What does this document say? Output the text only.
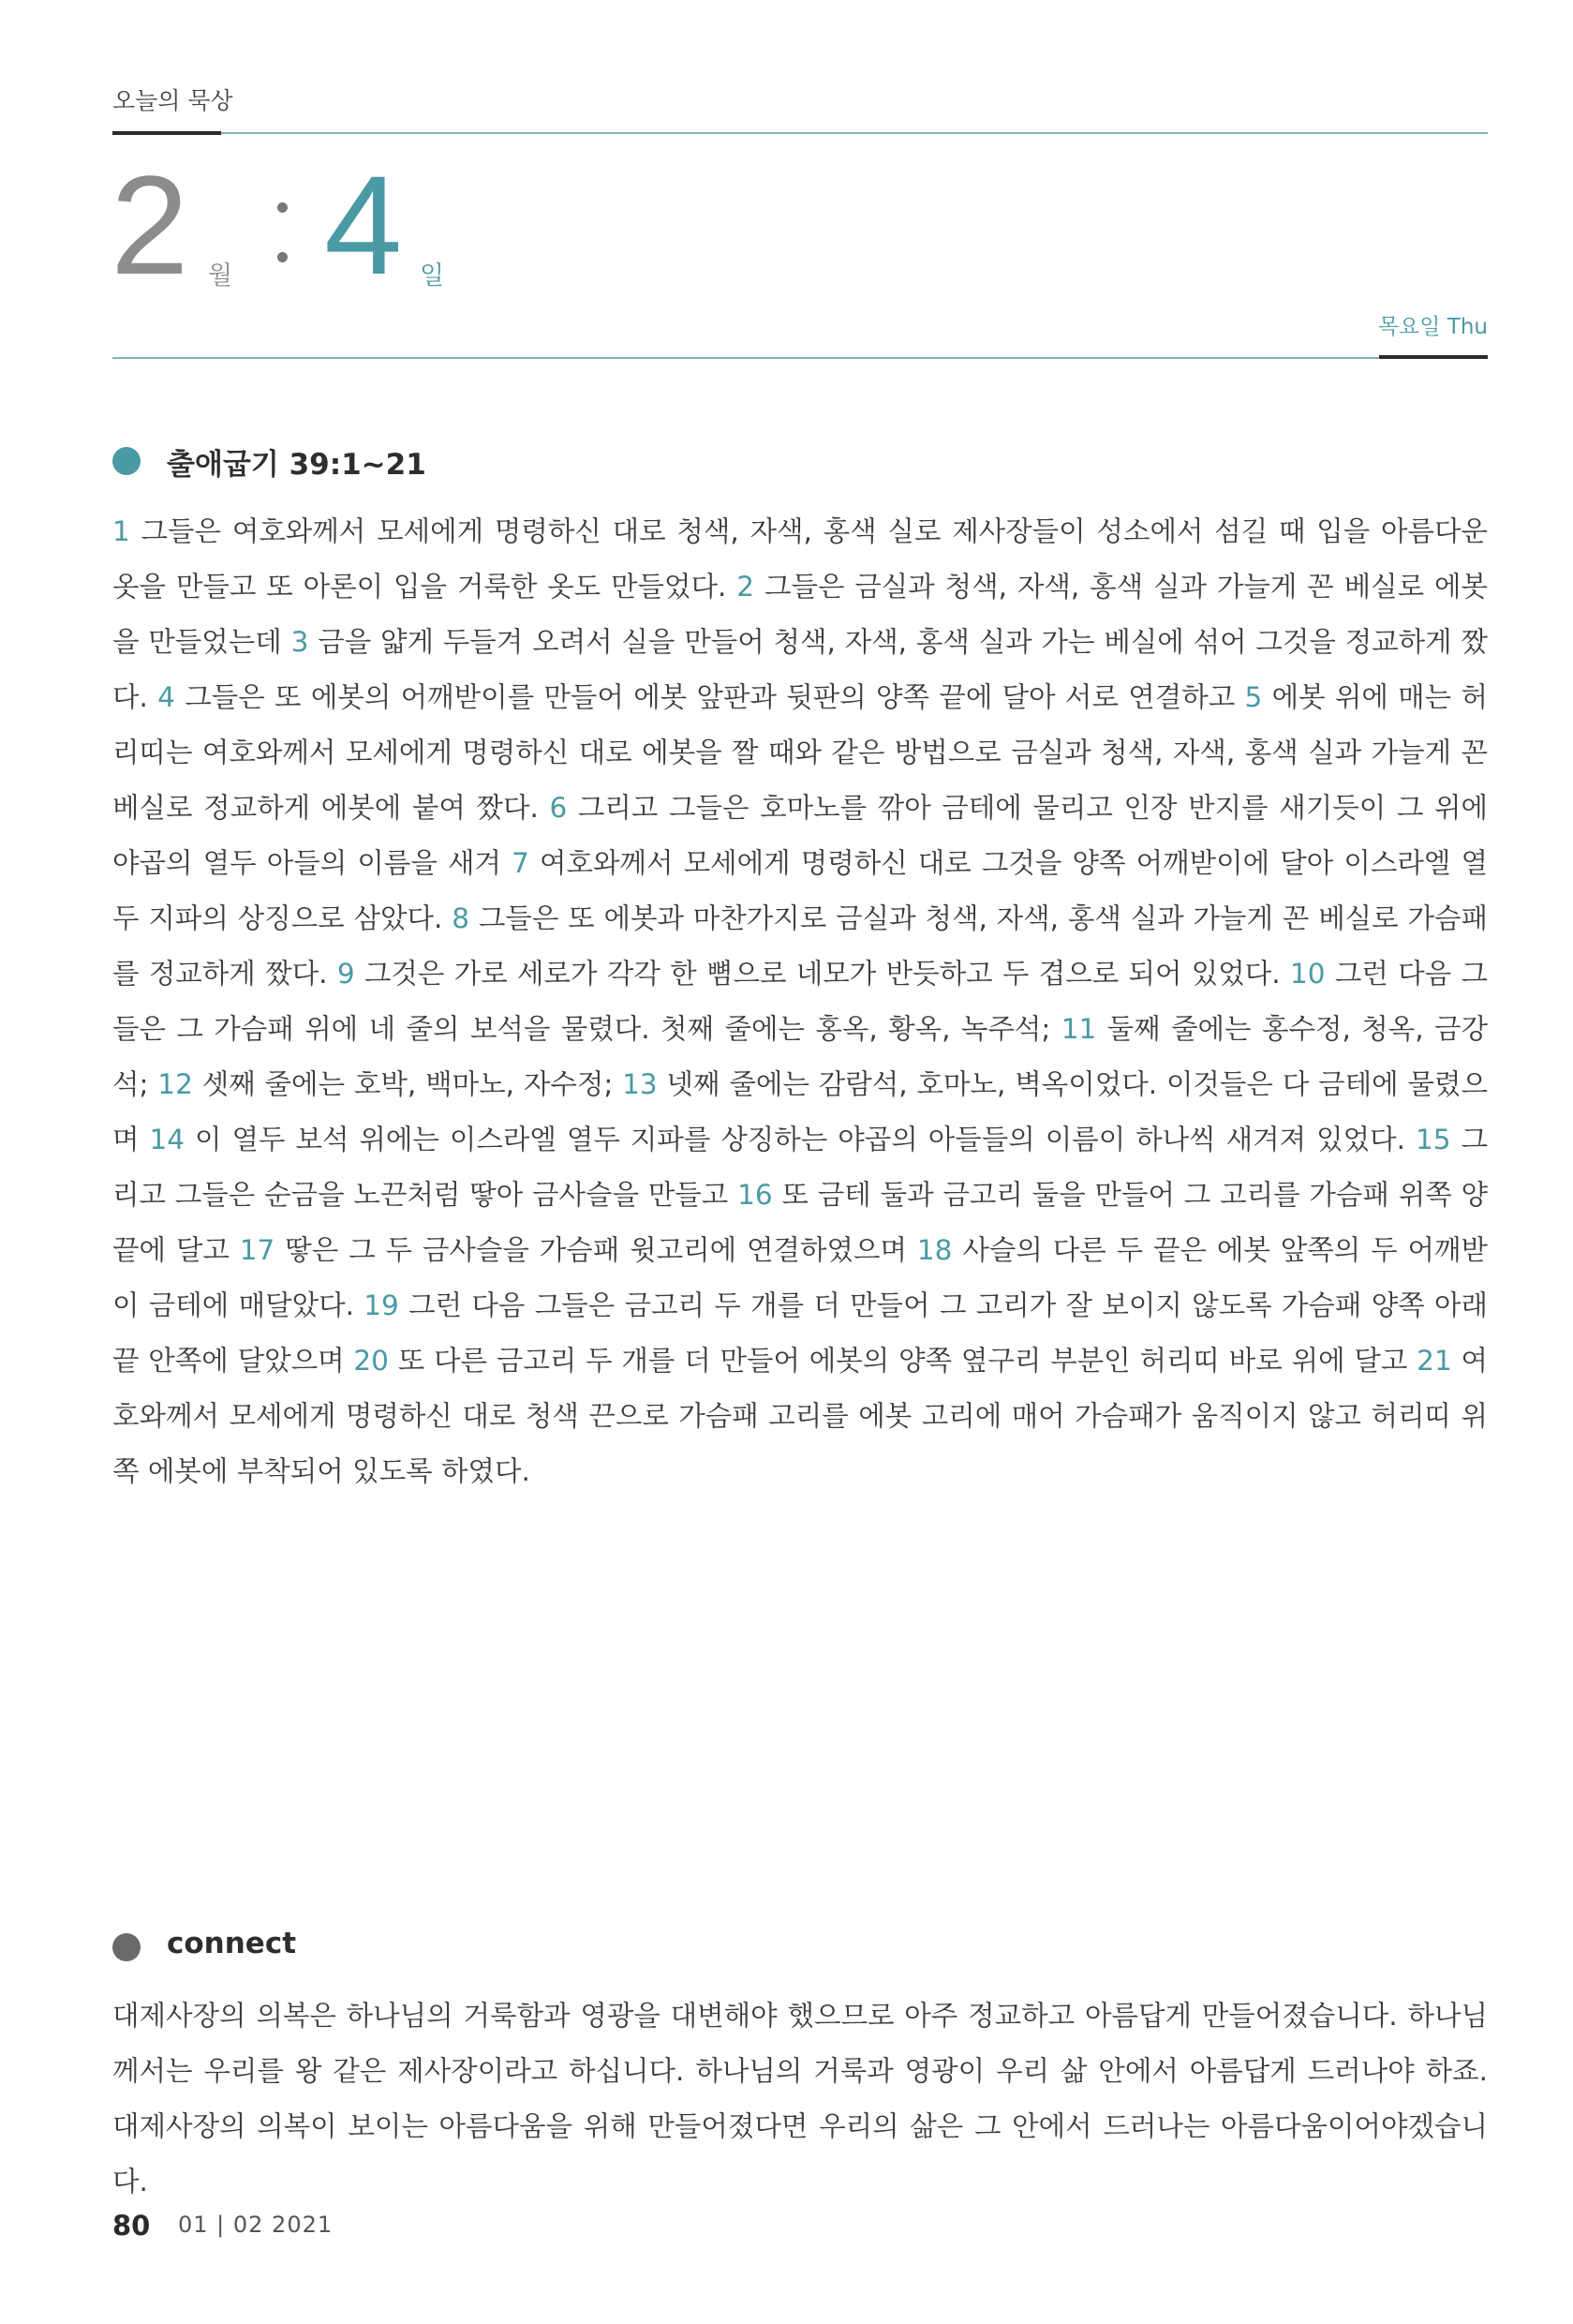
오늘의 묵상
2 월 4 일
목요일 Thu
출애굽기 39:1~21
1 그들은 여호와께서 모세에게 명령하신 대로 청색, 자색, 홍색 실로 제사장들이 성소에서 섬길 때 입을 아름다운 옷을 만들고 또 아론이 입을 거룩한 옷도 만들었다. 2 그들은 금실과 청색, 자색, 홍색 실과 가늘게 꼰 베실로 에봇을 만들었는데 3 금을 얇게 두들겨 오려서 실을 만들어 청색, 자색, 홍색 실과 가는 베실에 섞어 그것을 정교하게 짰다. 4 그들은 또 에봇의 어깨받이를 만들어 에봇 앞판과 뒷판의 양쪽 끝에 달아 서로 연결하고 5 에봇 위에 매는 허리띠는 여호와께서 모세에게 명령하신 대로 에봇을 짤 때와 같은 방법으로 금실과 청색, 자색, 홍색 실과 가늘게 꼰 베실로 정교하게 에봇에 붙여 짰다. 6 그리고 그들은 호마노를 깎아 금테에 물리고 인장 반지를 새기듯이 그 위에 야곱의 열두 아들의 이름을 새겨 7 여호와께서 모세에게 명령하신 대로 그것을 양쪽 어깨받이에 달아 이스라엘 열두 지파의 상징으로 삼았다. 8 그들은 또 에봇과 마찬가지로 금실과 청색, 자색, 홍색 실과 가늘게 꼰 베실로 가슴패를 정교하게 짰다. 9 그것은 가로 세로가 각각 한 뼘으로 네모가 반듯하고 두 겹으로 되어 있었다. 10 그런 다음 그들은 그 가슴패 위에 네 줄의 보석을 물렸다. 첫째 줄에는 홍옥, 황옥, 녹주석; 11 둘째 줄에는 홍수정, 청옥, 금강석; 12 셋째 줄에는 호박, 백마노, 자수정; 13 넷째 줄에는 감람석, 호마노, 벽옥이었다. 이것들은 다 금테에 물렸으며 14 이 열두 보석 위에는 이스라엘 열두 지파를 상징하는 야곱의 아들들의 이름이 하나씩 새겨져 있었다. 15 그리고 그들은 순금을 노끈처럼 땋아 금사슬을 만들고 16 또 금테 둘과 금고리 둘을 만들어 그 고리를 가슴패 위쪽 양끝에 달고 17 땋은 그 두 금사슬을 가슴패 윗고리에 연결하였으며 18 사슬의 다른 두 끝은 에봇 앞쪽의 두 어깨받이 금테에 매달았다. 19 그런 다음 그들은 금고리 두 개를 더 만들어 그 고리가 잘 보이지 않도록 가슴패 양쪽 아래 끝 안쪽에 달았으며 20 또 다른 금고리 두 개를 더 만들어 에봇의 양쪽 옆구리 부분인 허리띠 바로 위에 달고 21 여호와께서 모세에게 명령하신 대로 청색 끈으로 가슴패 고리를 에봇 고리에 매어 가슴패가 움직이지 않고 허리띠 위쪽 에봇에 부착되어 있도록 하였다.
connect
대제사장의 의복은 하나님의 거룩함과 영광을 대변해야 했으므로 아주 정교하고 아름답게 만들어졌습니다. 하나님께서는 우리를 왕 같은 제사장이라고 하십니다. 하나님의 거룩과 영광이 우리 삶 안에서 아름답게 드러나야 하죠. 대제사장의 의복이 보이는 아름다움을 위해 만들어졌다면 우리의 삶은 그 안에서 드러나는 아름다움이어야겠습니다.
80 01 | 02 2021
